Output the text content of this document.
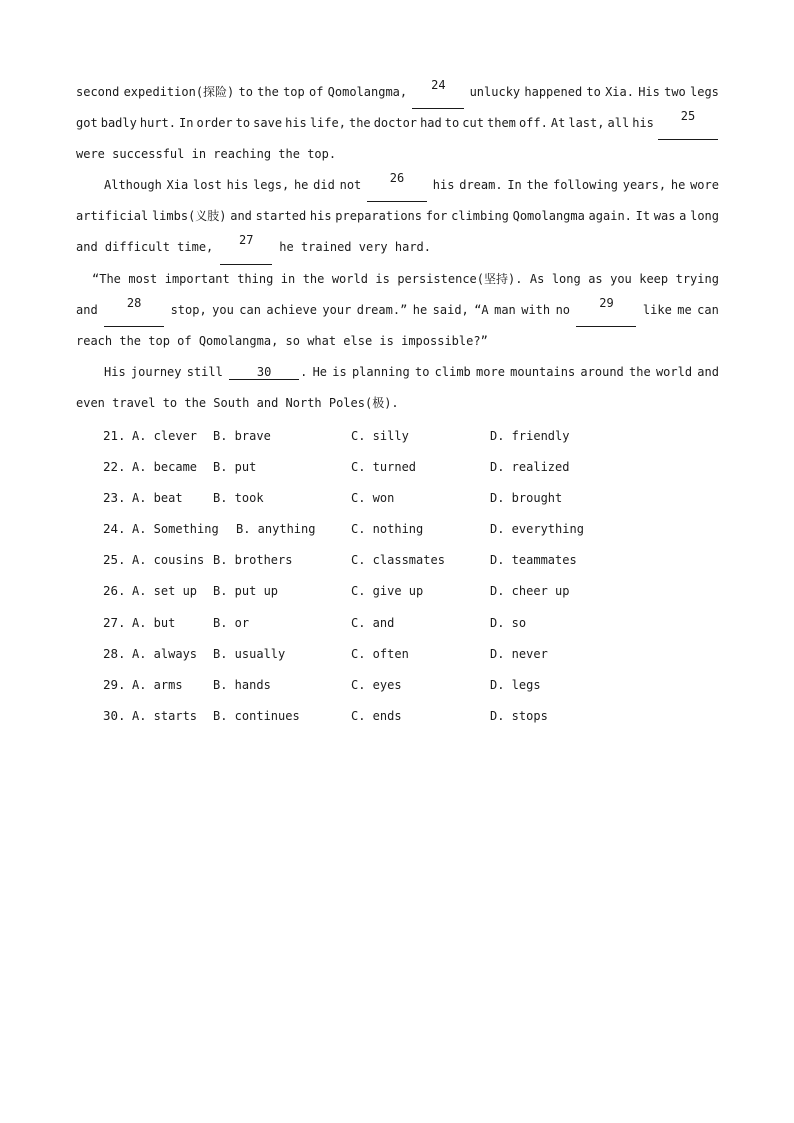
second expedition(探险) to the top of Qomolangma,	24	unlucky happened to Xia. His two legs
got badly hurt. In order to save his life, the doctor had to cut them off. At last, all his	25
were successful in reaching the top.
Although Xia lost his legs, he did not	26	his dream. In the following years, he wore
artificial limbs(义肢) and started his preparations for climbing Qomolangma again. It was a long
and difficult time,	27	he trained very hard.
“The most important thing in the world is persistence(坚持). As long as you keep trying
and	28	stop, you can achieve your dream.” he said, “A man with no	29	like me can
reach the top of Qomolangma, so what else is impossible?”
His journey still	30 . He is planning to climb more mountains around the world and
even travel to the South and North Poles(极).
21. A. clever B. brave	C. silly	D. friendly
22. A. became B. put	C. turned	D. realized
23. A. beat	B. took	C. won	D. brought
24. A. Something B. anything	C. nothing	D. everything
25. A. cousins B. brothers	C. classmates	D. teammates
26. A. set up B. put up	C. give up	D. cheer up
27. A. but	B. or	C. and	D. so
28. A. always B. usually	C. often	D. never
29. A. arms	B. hands	C. eyes	D. legs
30. A. starts B. continues	C. ends	D. stops
